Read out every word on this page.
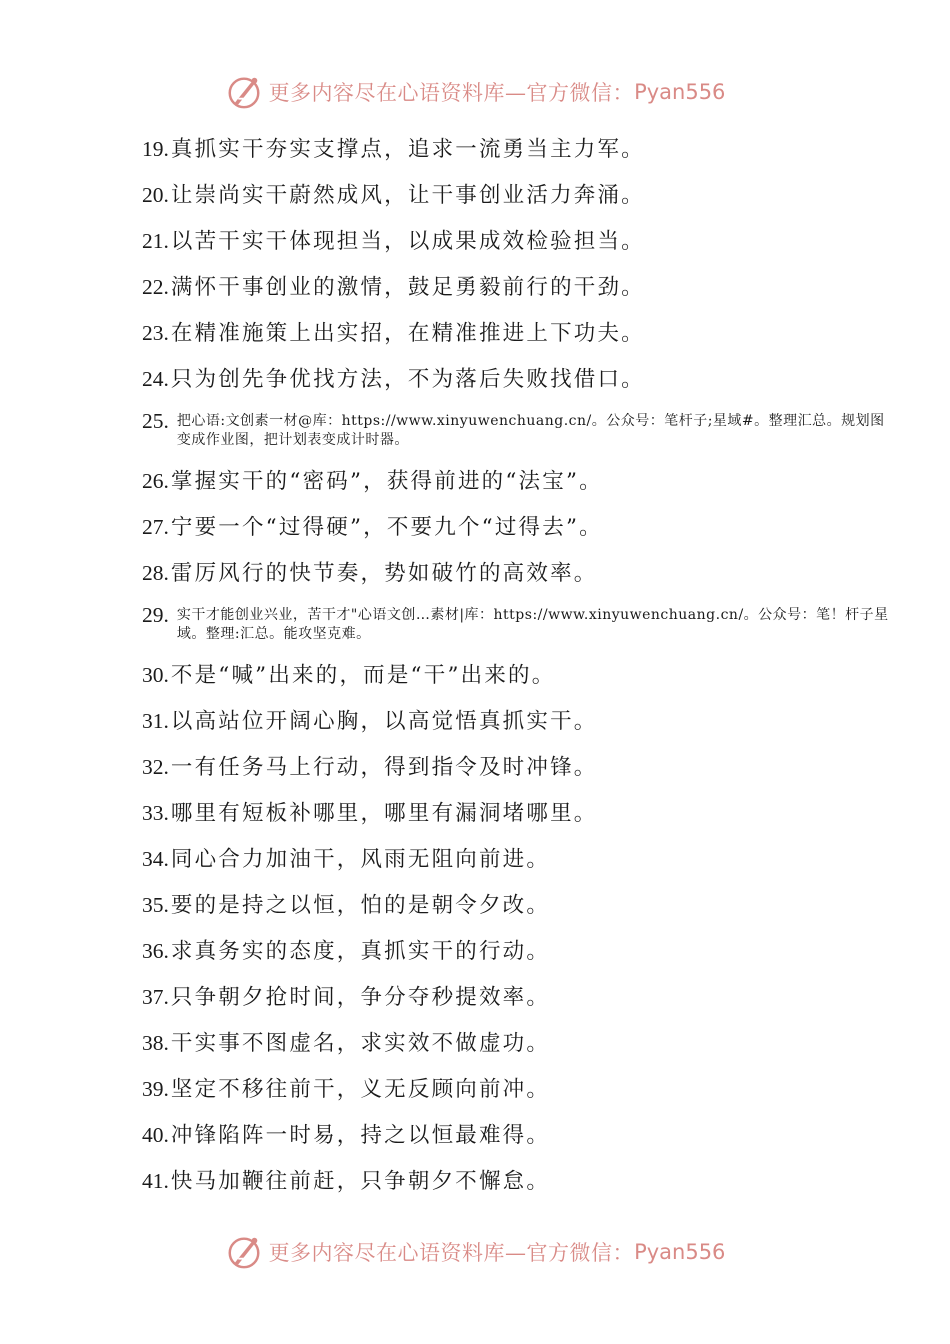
更多内容尽在心语资料库—官方微信： Pyan556
19. 真抓实干夯实支撑点，追求一流勇当主力军。
20. 让崇尚实干蔚然成风，让干事创业活力奔涌。
21. 以苦干实干体现担当，以成果成效检验担当。
22. 满怀干事创业的激情，鼓足勇毅前行的干劲。
23. 在精准施策上出实招，在精准推进上下功夫。
24. 只为创先争优找方法，不为落后失败找借口。
25. 把心语:文创素一材@库：https://www.xinyuwenchuang.cn/。公众号：笔杆子;星域#。整理汇总。规划图变成作业图，把计划表变成计时器。
26. 掌握实干的“密码”，获得前进的“法宝”。
27. 宁要一个“过得硬”，不要九个“过得去”。
28. 雷厉风行的快节奏，势如破竹的高效率。
29. 实干才能创业兴业，苦干才"心语文创…素材|库：https://www.xinyuwenchuang.cn/。公众号：笔！杆子星域。整理:汇总。能攻坚克难。
30. 不是“喊”出来的，而是“干”出来的。
31. 以高站位开阔心胸，以高觉悟真抓实干。
32. 一有任务马上行动，得到指令及时冲锋。
33. 哪里有短板补哪里，哪里有漏洞堵哪里。
34. 同心合力加油干，风雨无阻向前进。
35. 要的是持之以恒，怕的是朝令夕改。
36. 求真务实的态度，真抓实干的行动。
37. 只争朝夕抢时间，争分夺秒提效率。
38. 干实事不图虚名，求实效不做虚功。
39. 坚定不移往前干，义无反顾向前冲。
40. 冲锋陷阵一时易，持之以恒最难得。
41. 快马加鞭往前赶，只争朝夕不懈怠。
更多内容尽在心语资料库—官方微信： Pyan556
